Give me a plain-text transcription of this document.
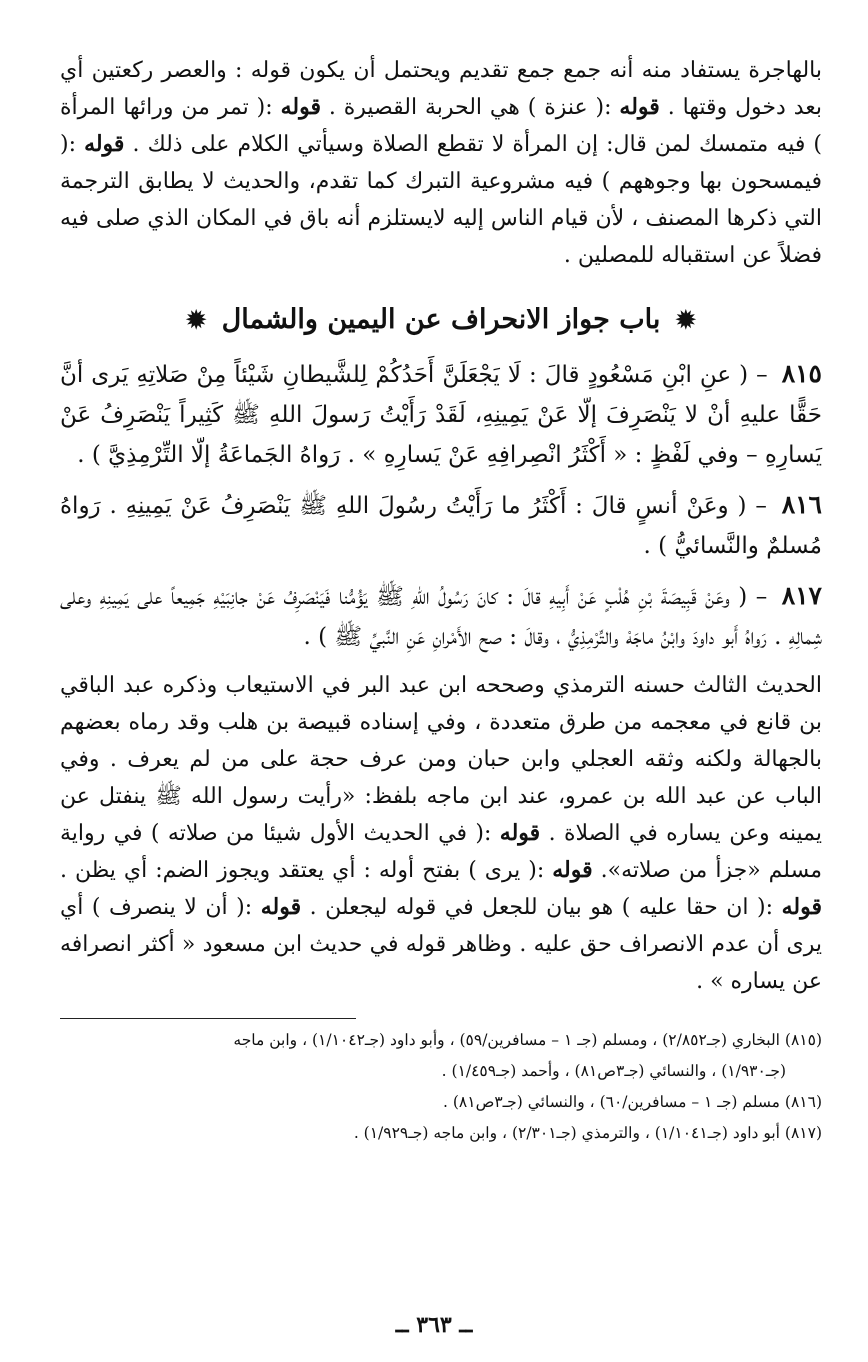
بالهاجرة يستفاد منه أنه جمع جمع تقديم ويحتمل أن يكون قوله : والعصر ركعتين أي بعد دخول وقتها . قوله :( عنزة ) هي الحربة القصيرة . قوله :( تمر من ورائها المرأة ) فيه متمسك لمن قال: إن المرأة لا تقطع الصلاة وسيأتي الكلام على ذلك . قوله :( فيمسحون بها وجوههم ) فيه مشروعية التبرك كما تقدم، والحديث لا يطابق الترجمة التي ذكرها المصنف ، لأن قيام الناس إليه لايستلزم أنه باق في المكان الذي صلى فيه فضلاً عن استقباله للمصلين .

✹ باب جواز الانحراف عن اليمين والشمال ✹

٨١٥ – ( عنِ ابْنِ مَسْعُودٍ قالَ : لَا يَجْعَلَنَّ أَحَدُكُمْ لِلشَّيطانِ شَيْئاً مِنْ صَلاتِهِ يَرى أنَّ حَقًّا عليهِ أنْ لا يَنْصَرِفَ إلّا عَنْ يَمِينِهِ، لَقَدْ رَأَيْتُ رَسولَ اللهِ ﷺ كَثِيراً يَنْصَرِفُ عَنْ يَسارِهِ – وفي لَفْظٍ : « أَكْثَرُ انْصِرافِهِ عَنْ يَسارِهِ » . رَواهُ الجَماعَةُ إلّا التِّرْمِذِيَّ ) .

٨١٦ – ( وعَنْ أنسٍ قالَ : أَكْثَرُ ما رَأَيْتُ رسُولَ اللهِ ﷺ يَنْصَرِفُ عَنْ يَمِينِهِ . رَواهُ مُسلمٌ والنَّسائيُّ ) .

٨١٧ – ( وعَنْ قَبِيصَةَ بْنِ هُلْبٍ عَنْ أَبِيهِ قالَ : كانَ رَسُولُ اللهِ ﷺ يَؤُمُّنا فَيَنْصَرِفُ عَنْ جانِبَيْهِ جَمِيعاً على يَمِينِهِ وعلى شِمالِهِ . رَواهُ أَبو داودَ وابْنُ ماجَهْ والتِّرْمِذِيُّ ، وقالَ : صح الأَمْرانِ عَنِ النَّبيِّ ﷺ ) .

الحديث الثالث حسنه الترمذي وصححه ابن عبد البر في الاستيعاب وذكره عبد الباقي بن قانع في معجمه من طرق متعددة ، وفي إسناده قبيصة بن هلب وقد رماه بعضهم بالجهالة ولكنه وثقه العجلي وابن حبان ومن عرف حجة على من لم يعرف . وفي الباب عن عبد الله بن عمرو، عند ابن ماجه بلفظ: «رأيت رسول الله ﷺ ينفتل عن يمينه وعن يساره في الصلاة . قوله :( في الحديث الأول شيئا من صلاته ) في رواية مسلم «جزأ من صلاته». قوله :( يرى ) بفتح أوله : أي يعتقد ويجوز الضم: أي يظن . قوله :( ان حقا عليه ) هو بيان للجعل في قوله ليجعلن . قوله :( أن لا ينصرف ) أي يرى أن عدم الانصراف حق عليه . وظاهر قوله في حديث ابن مسعود « أكثر انصرافه عن يساره » .

(٨١٥) البخاري (جـ٢/٨٥٢) ، ومسلم (جـ ١ – مسافرين/٥٩) ، وأبو داود (جـ١/١٠٤٢) ، وابن ماجه

(جـ١/٩٣٠) ، والنسائي (جـ٣ص٨١) ، وأحمد (جـ١/٤٥٩) .

(٨١٦) مسلم (جـ ١ – مسافرين/٦٠) ، والنسائي (جـ٣ص٨١) .

(٨١٧) أبو داود (جـ١/١٠٤١) ، والترمذي (جـ٢/٣٠١) ، وابن ماجه (جـ١/٩٢٩) .

ــ ٣٦٣ ــ
